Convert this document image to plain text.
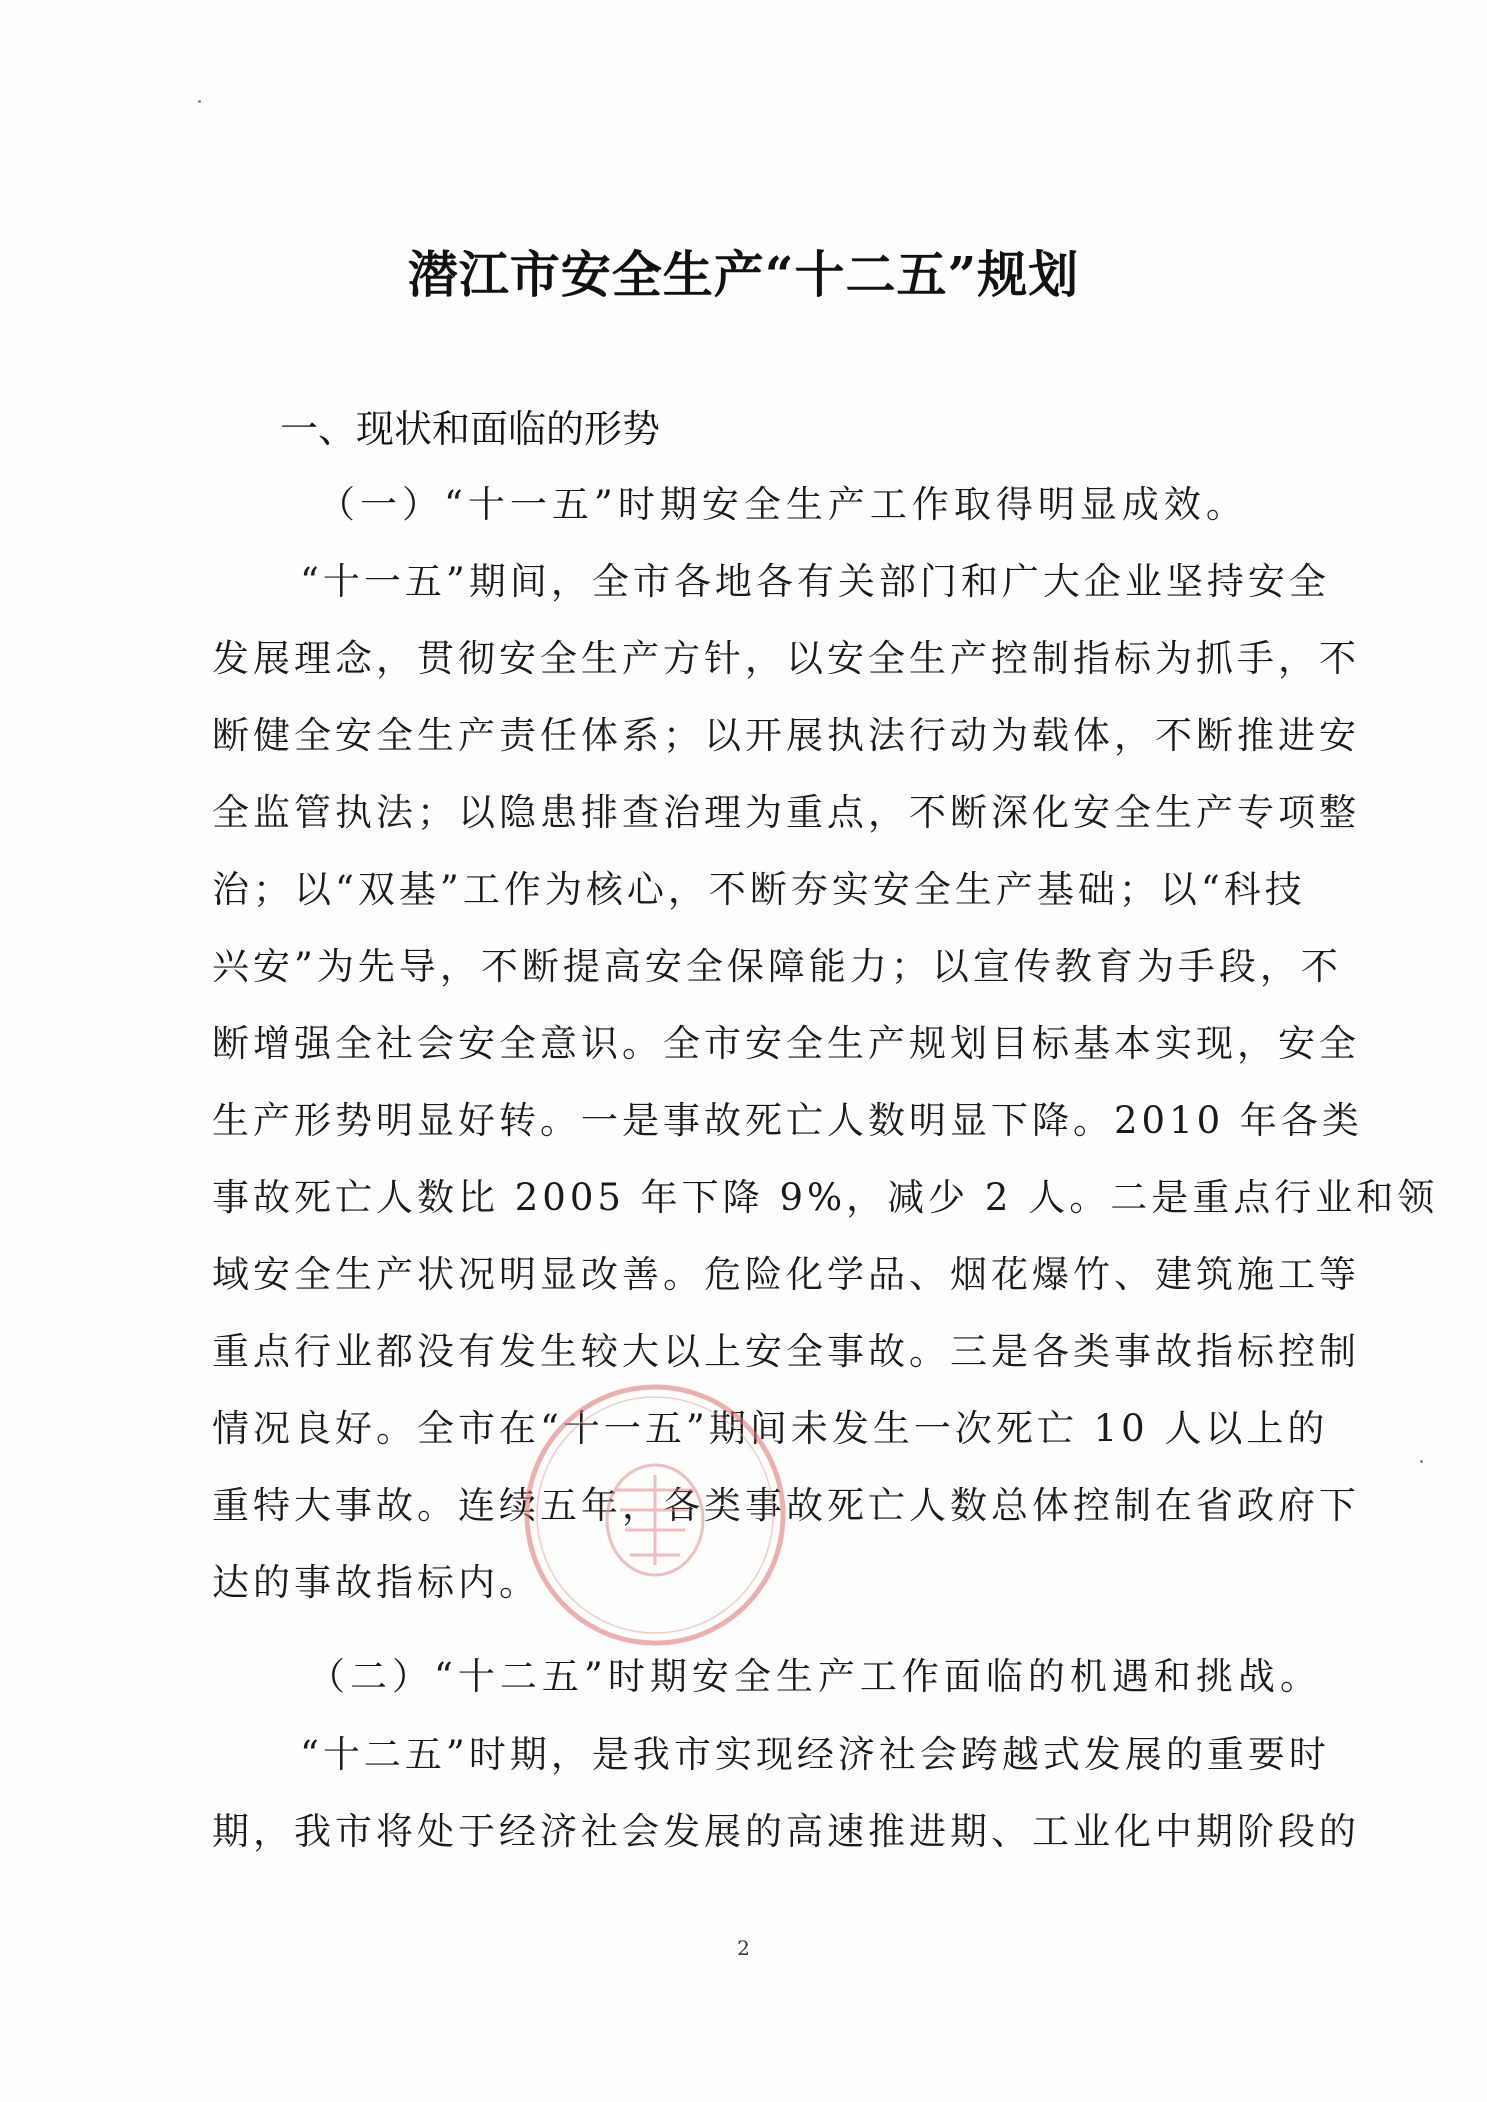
潜江市安全生产“十二五”规划
一、现状和面临的形势
（一）“十一五”时期安全生产工作取得明显成效。
“十一五”期间，全市各地各有关部门和广大企业坚持安全
发展理念，贯彻安全生产方针，以安全生产控制指标为抓手，不
断健全安全生产责任体系；以开展执法行动为载体，不断推进安
全监管执法；以隐患排查治理为重点，不断深化安全生产专项整
治；以“双基”工作为核心，不断夯实安全生产基础；以“科技
兴安”为先导，不断提高安全保障能力；以宣传教育为手段，不
断增强全社会安全意识。全市安全生产规划目标基本实现，安全
生产形势明显好转。一是事故死亡人数明显下降。2010 年各类
事故死亡人数比 2005 年下降 9%，减少 2 人。二是重点行业和领
域安全生产状况明显改善。危险化学品、烟花爆竹、建筑施工等
重点行业都没有发生较大以上安全事故。三是各类事故指标控制
情况良好。全市在“十一五”期间未发生一次死亡 10 人以上的
重特大事故。连续五年，各类事故死亡人数总体控制在省政府下
达的事故指标内。
（二）“十二五”时期安全生产工作面临的机遇和挑战。
“十二五”时期，是我市实现经济社会跨越式发展的重要时
期，我市将处于经济社会发展的高速推进期、工业化中期阶段的
2
